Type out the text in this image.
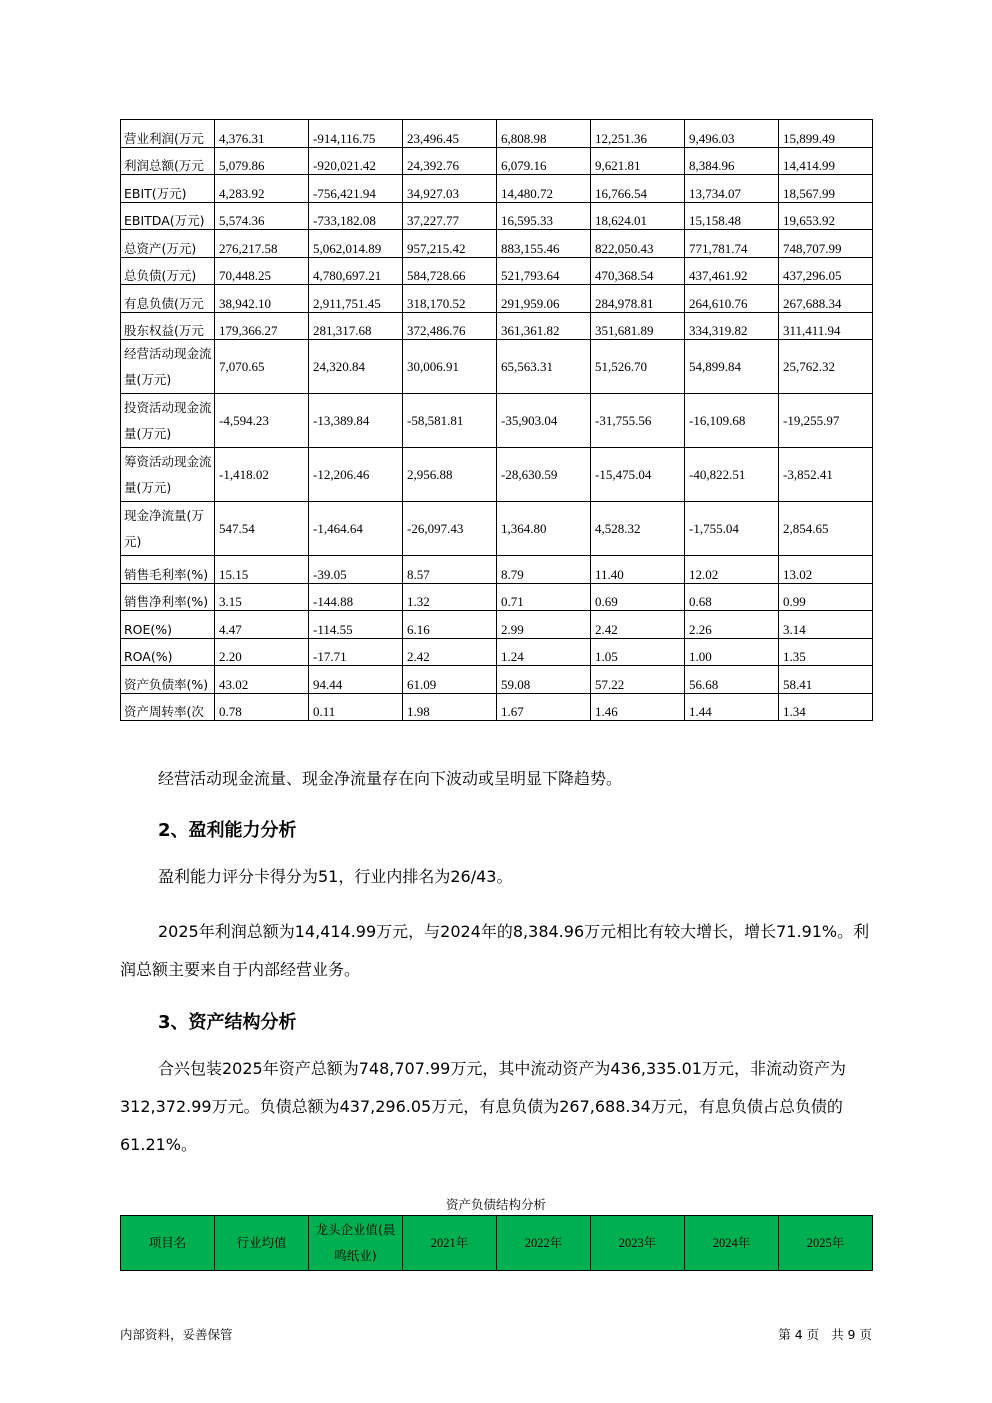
营业利润(万元	4,376.31	-914,116.75	23,496.45	6,808.98	12,251.36	9,496.03	15,899.49
利润总额(万元	5,079.86	-920,021.42	24,392.76	6,079.16	9,621.81	8,384.96	14,414.99
EBIT(万元)	4,283.92	-756,421.94	34,927.03	14,480.72	16,766.54	13,734.07	18,567.99
EBITDA(万元)	5,574.36	-733,182.08	37,227.77	16,595.33	18,624.01	15,158.48	19,653.92
总资产(万元)	276,217.58	5,062,014.89	957,215.42	883,155.46	822,050.43	771,781.74	748,707.99
总负债(万元)	70,448.25	4,780,697.21	584,728.66	521,793.64	470,368.54	437,461.92	437,296.05
有息负债(万元	38,942.10	2,911,751.45	318,170.52	291,959.06	284,978.81	264,610.76	267,688.34
股东权益(万元	179,366.27	281,317.68	372,486.76	361,361.82	351,681.89	334,319.82	311,411.94
经营活动现金流量(万元)	7,070.65	24,320.84	30,006.91	65,563.31	51,526.70	54,899.84	25,762.32
投资活动现金流量(万元)	-4,594.23	-13,389.84	-58,581.81	-35,903.04	-31,755.56	-16,109.68	-19,255.97
筹资活动现金流量(万元)	-1,418.02	-12,206.46	2,956.88	-28,630.59	-15,475.04	-40,822.51	-3,852.41
现金净流量(万元)	547.54	-1,464.64	-26,097.43	1,364.80	4,528.32	-1,755.04	2,854.65
销售毛利率(%)	15.15	-39.05	8.57	8.79	11.40	12.02	13.02
销售净利率(%)	3.15	-144.88	1.32	0.71	0.69	0.68	0.99
ROE(%)	4.47	-114.55	6.16	2.99	2.42	2.26	3.14
ROA(%)	2.20	-17.71	2.42	1.24	1.05	1.00	1.35
资产负债率(%)	43.02	94.44	61.09	59.08	57.22	56.68	58.41
资产周转率(次	0.78	0.11	1.98	1.67	1.46	1.44	1.34

经营活动现金流量、现金净流量存在向下波动或呈明显下降趋势。

2、盈利能力分析

盈利能力评分卡得分为51，行业内排名为26/43。

2025年利润总额为14,414.99万元，与2024年的8,384.96万元相比有较大增长，增长71.91%。利润总额主要来自于内部经营业务。

3、资产结构分析

合兴包装2025年资产总额为748,707.99万元，其中流动资产为436,335.01万元，非流动资产为312,372.99万元。负债总额为437,296.05万元，有息负债为267,688.34万元，有息负债占总负债的61.21%。

资产负债结构分析
项目名	行业均值	龙头企业值(晨鸣纸业)	2021年	2022年	2023年	2024年	2025年
内部资料，妥善保管	第 4 页   共 9 页
